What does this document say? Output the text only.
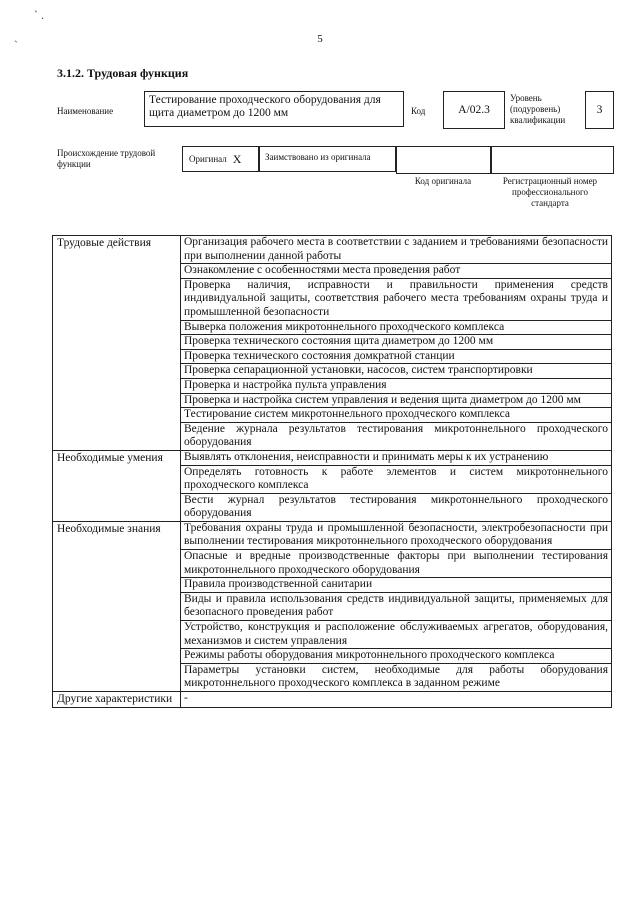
` .
`	5
3.1.2. Трудовая функция
Наименование
Тестирование проходческого оборудования для щита диаметром до 1200 мм	Код	А/02.3
Уровень (подуровень) квалификации
3
Происхождение трудовой функции
Оригинал X	Заимствовано из оригинала
Код оригинала	Регистрационный номер профессионального стандарта
Трудовые действия	Организация рабочего места в соответствии с заданием и требованиями безопасности при выполнении данной работы
	Ознакомление с особенностями места проведения работ
	Проверка наличия, исправности и правильности применения средств индивидуальной защиты, соответствия рабочего места требованиям охраны труда и промышленной безопасности
	Выверка положения микротоннельного проходческого комплекса
	Проверка технического состояния щита диаметром до 1200 мм
	Проверка технического состояния домкратной станции
	Проверка сепарационной установки, насосов, систем транспортировки
	Проверка и настройка пульта управления
	Проверка и настройка систем управления и ведения щита диаметром до 1200 мм
	Тестирование систем микротоннельного проходческого комплекса
	Ведение журнала результатов тестирования микротоннельного проходческого оборудования
Необходимые умения	Выявлять отклонения, неисправности и принимать меры к их устранению
	Определять готовность к работе элементов и систем микротоннельного проходческого комплекса
	Вести журнал результатов тестирования микротоннельного проходческого оборудования
Необходимые знания	Требования охраны труда и промышленной безопасности, электробезопасности при выполнении тестирования микротоннельного проходческого оборудования
	Опасные и вредные производственные факторы при выполнении тестирования микротоннельного проходческого оборудования
	Правила производственной санитарии
	Виды и правила использования средств индивидуальной защиты, применяемых для безопасного проведения работ
	Устройство, конструкция и расположение обслуживаемых агрегатов, оборудования, механизмов и систем управления
	Режимы работы оборудования микротоннельного проходческого комплекса
	Параметры установки систем, необходимые для работы оборудования микротоннельного проходческого комплекса в заданном режиме
Другие характеристики	-
